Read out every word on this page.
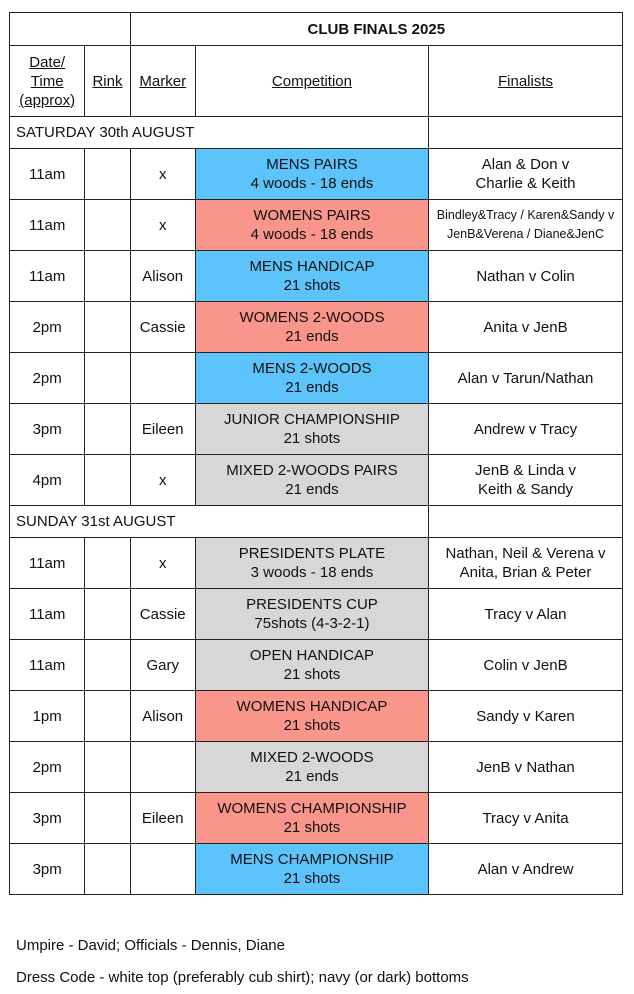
		CLUB FINALS 2025		

Date/
Time
(approx)	Rink	Marker	Competition	Finalists
SATURDAY 30th AUGUST				
11am		x	MENS PAIRS
4 woods - 18 ends	Alan & Don v
Charlie & Keith

11am		x	WOMENS PAIRS
4 woods - 18 ends	Bindley&Tracy / Karen&Sandy v
JenB&Verena / Diane&JenC

11am		Alison	MENS HANDICAP
21 shots	Nathan v Colin

2pm		Cassie	WOMENS 2-WOODS
21 ends	Anita v JenB

2pm			MENS 2-WOODS
21 ends	Alan v Tarun/Nathan

3pm		Eileen	JUNIOR CHAMPIONSHIP
21 shots	Andrew v Tracy

4pm		x	MIXED 2-WOODS PAIRS
21 ends	JenB & Linda v
Keith & Sandy

SUNDAY 31st AUGUST				
11am		x	PRESIDENTS PLATE
3 woods - 18 ends	Nathan, Neil & Verena v
Anita, Brian & Peter

11am		Cassie	PRESIDENTS CUP
75shots (4-3-2-1)	Tracy v Alan

11am		Gary	OPEN HANDICAP
21 shots	Colin v JenB

1pm		Alison	WOMENS HANDICAP
21 shots	Sandy v Karen

2pm			MIXED 2-WOODS
21 ends	JenB v Nathan

3pm		Eileen	WOMENS CHAMPIONSHIP
21 shots	Tracy v Anita

3pm			MENS CHAMPIONSHIP
21 shots	Alan v Andrew
Umpire - David; Officials - Dennis, Diane
Dress Code - white top (preferably cub shirt); navy (or dark) bottoms
